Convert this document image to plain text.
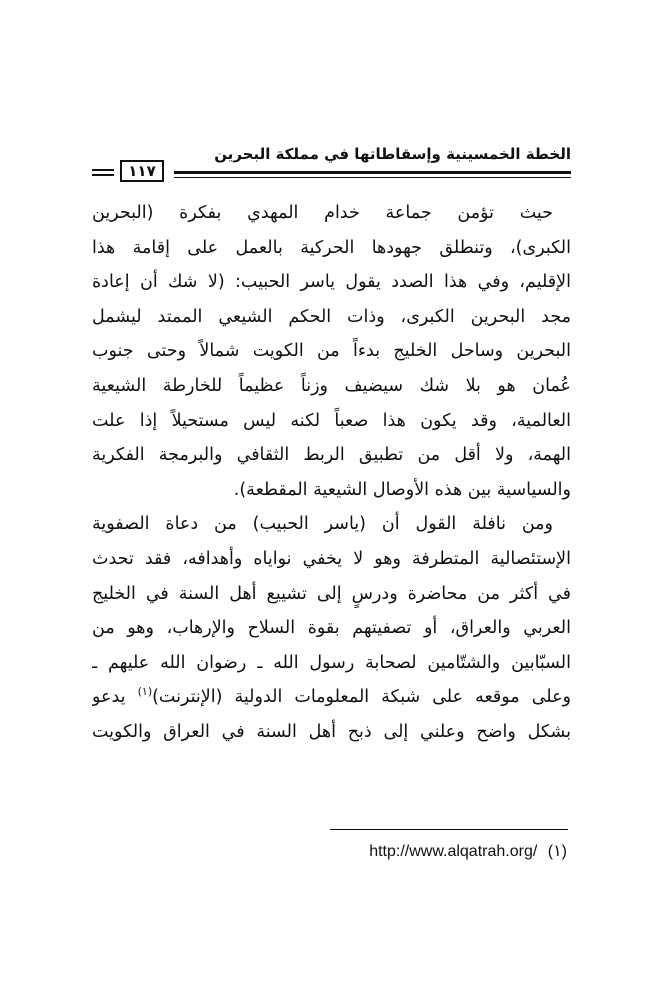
الخطة الخمسينية وإسقاطاتها في مملكة البحرين
١١٧
حيث تؤمن جماعة خدام المهدي بفكرة (البحرين
الكبرى)، وتنطلق جهودها الحركية بالعمل على إقامة هذا
الإقليم، وفي هذا الصدد يقول ياسر الحبيب: (لا شك أن إعادة
مجد البحرين الكبرى، وذات الحكم الشيعي الممتد ليشمل
البحرين وساحل الخليج بدءاً من الكويت شمالاً وحتى جنوب
عُمان هو بلا شك سيضيف وزناً عظيماً للخارطة الشيعية
العالمية، وقد يكون هذا صعباً لكنه ليس مستحيلاً إذا علت
الهمة، ولا أقل من تطبيق الربط الثقافي والبرمجة الفكرية
والسياسية بين هذه الأوصال الشيعية المقطعة).
ومن نافلة القول أن (ياسر الحبيب) من دعاة الصفوية
الإستئصالية المتطرفة وهو لا يخفي نواياه وأهدافه، فقد تحدث
في أكثر من محاضرة ودرسٍ إلى تشييع أهل السنة في الخليج
العربي والعراق، أو تصفيتهم بقوة السلاح والإرهاب، وهو من
السبّابين والشتّامين لصحابة رسول الله ـ رضوان الله عليهم ـ
وعلى موقعه على شبكة المعلومات الدولية (الإنترنت)$^{(١)}$ يدعو
بشكل واضح وعلني إلى ذبح أهل السنة في العراق والكويت
(١) http://www.alqatrah.org/
